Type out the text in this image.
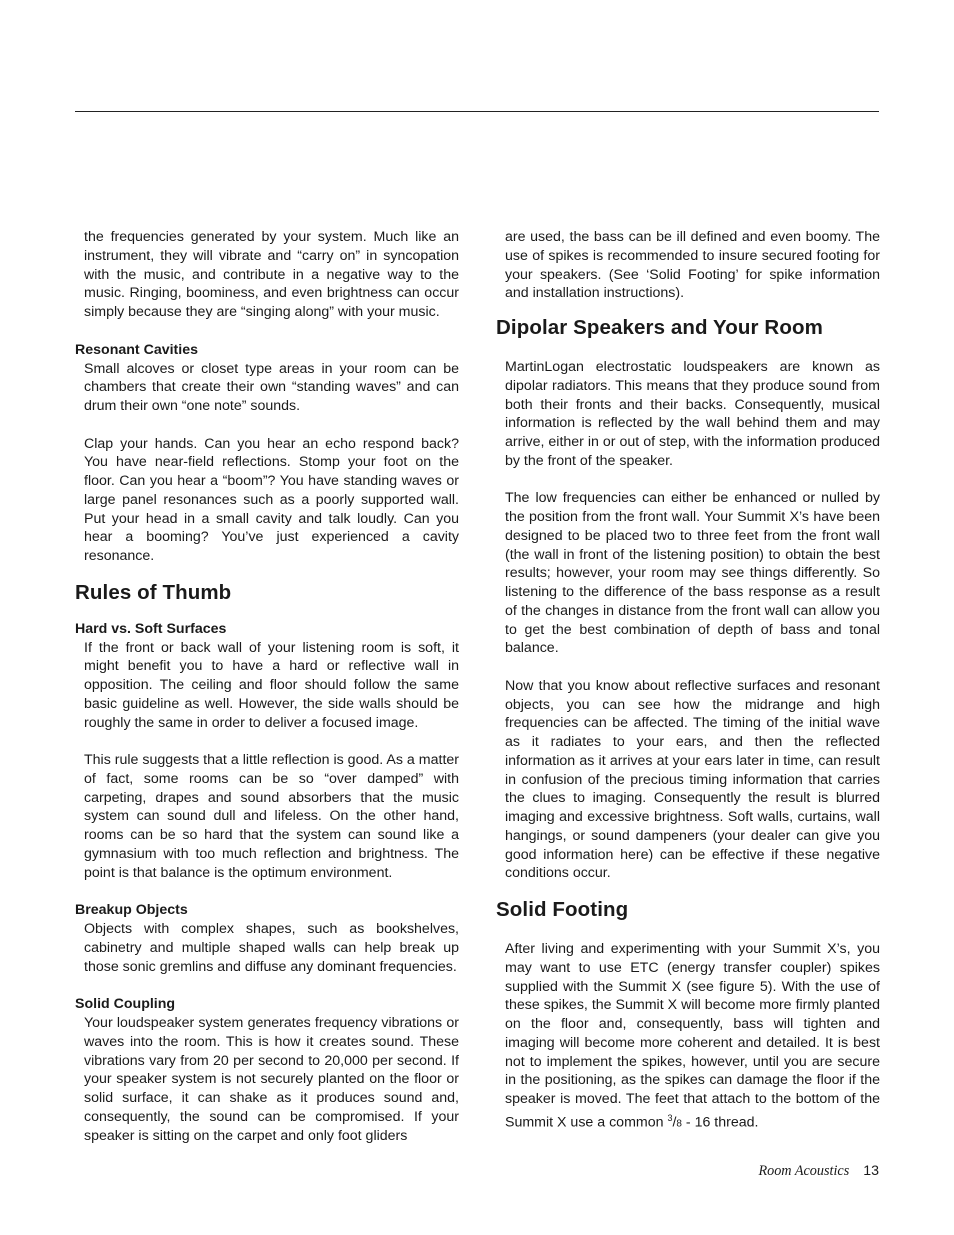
the frequencies generated by your system. Much like an instrument, they will vibrate and “carry on” in syncopation with the music, and contribute in a negative way to the music. Ringing, boominess, and even brightness can occur simply because they are “singing along” with your music.

Resonant Cavities

Small alcoves or closet type areas in your room can be chambers that create their own “standing waves” and can drum their own “one note” sounds.

Clap your hands. Can you hear an echo respond back? You have near-field reflections. Stomp your foot on the floor. Can you hear a “boom”? You have standing waves or large panel resonances such as a poorly supported wall. Put your head in a small cavity and talk loudly. Can you hear a booming? You’ve just experienced a cavity resonance.

Rules of Thumb
Hard vs. Soft Surfaces

If the front or back wall of your listening room is soft, it might benefit you to have a hard or reflective wall in opposition. The ceiling and floor should follow the same basic guideline as well. However, the side walls should be roughly the same in order to deliver a focused image.

This rule suggests that a little reflection is good. As a matter of fact, some rooms can be so “over damped” with carpeting, drapes and sound absorbers that the music system can sound dull and lifeless. On the other hand, rooms can be so hard that the system can sound like a gymnasium with too much reflection and brightness. The point is that balance is the optimum environment.

Breakup Objects

Objects with complex shapes, such as bookshelves, cabinetry and multiple shaped walls can help break up those sonic gremlins and diffuse any dominant frequencies.

Solid Coupling

Your loudspeaker system generates frequency vibrations or waves into the room. This is how it creates sound. These vibrations vary from 20 per second to 20,000 per second. If your speaker system is not securely planted on the floor or solid surface, it can shake as it produces sound and, consequently, the sound can be compromised. If your speaker is sitting on the carpet and only foot gliders

are used, the bass can be ill defined and even boomy. The use of spikes is recommended to insure secured footing for your speakers. (See ‘Solid Footing’ for spike information and installation instructions).

Dipolar Speakers and Your Room

MartinLogan electrostatic loudspeakers are known as dipolar radiators. This means that they produce sound from both their fronts and their backs. Consequently, musical information is reflected by the wall behind them and may arrive, either in or out of step, with the information produced by the front of the speaker.

The low frequencies can either be enhanced or nulled by the position from the front wall. Your Summit X’s have been designed to be placed two to three feet from the front wall (the wall in front of the listening position) to obtain the best results; however, your room may see things differently. So listening to the difference of the bass response as a result of the changes in distance from the front wall can allow you to get the best combination of depth of bass and tonal balance.

Now that you know about reflective surfaces and resonant objects, you can see how the midrange and high frequencies can be affected. The timing of the initial wave as it radiates to your ears, and then the reflected information as it arrives at your ears later in time, can result in confusion of the precious timing information that carries the clues to imaging. Consequently the result is blurred imaging and excessive brightness. Soft walls, curtains, wall hangings, or sound dampeners (your dealer can give you good information here) can be effective if these negative conditions occur.

Solid Footing

After living and experimenting with your Summit X’s, you may want to use ETC (energy transfer coupler) spikes supplied with the Summit X (see figure 5). With the use of these spikes, the Summit X will become more firmly planted on the floor and, consequently, bass will tighten and imaging will become more coherent and detailed. It is best not to implement the spikes, however, until you are secure in the positioning, as the spikes can damage the floor if the speaker is moved. The feet that attach to the bottom of the Summit X use a common $^3$/8 - 16 thread.

Room Acoustics 13
